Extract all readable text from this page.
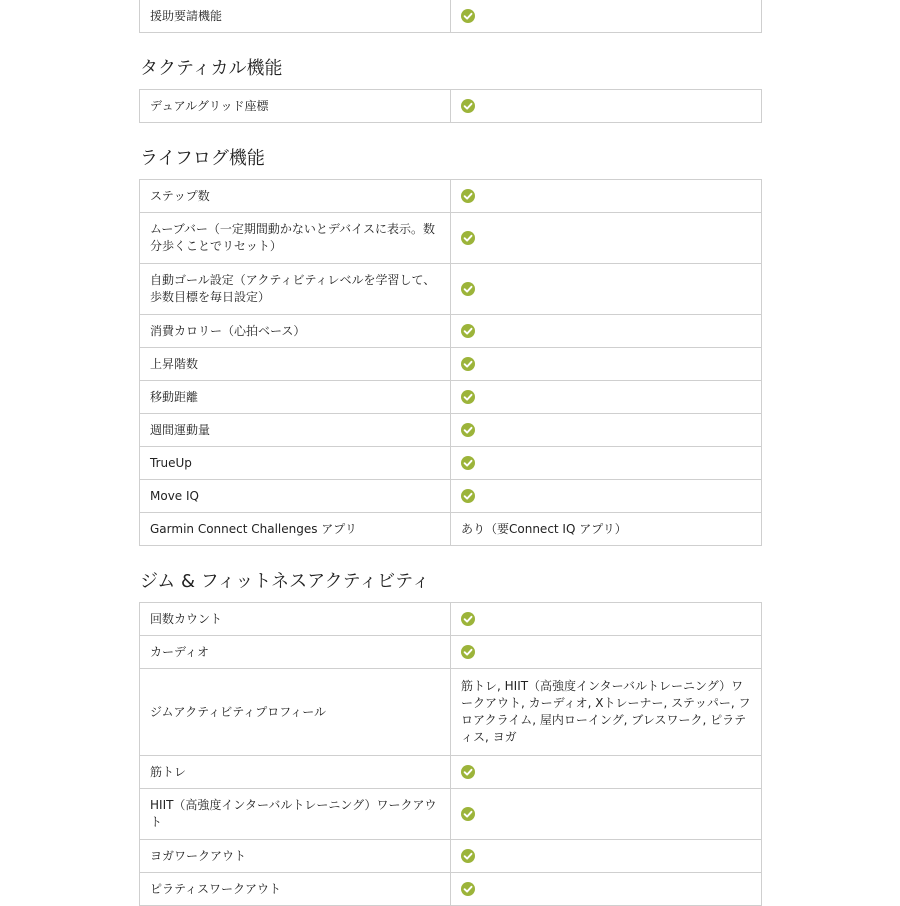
援助要請機能	
タクティカル機能
デュアルグリッド座標	
ライフログ機能
ステップ数	
ムーブバー（一定期間動かないとデバイスに表示。数分歩くことでリセット）	
自動ゴール設定（アクティビティレベルを学習して、歩数目標を毎日設定）	
消費カロリー（心拍ベース）	
上昇階数	
移動距離	
週間運動量	
TrueUp	
Move IQ	
Garmin Connect Challenges アプリ	あり（要Connect IQ アプリ）
ジム & フィットネスアクティビティ
回数カウント	
カーディオ	
ジムアクティビティプロフィール	筋トレ, HIIT（高強度インターバルトレーニング）ワークアウト, カーディオ, Xトレーナー, ステッパー, フロアクライム, 屋内ローイング, ブレスワーク, ピラティス, ヨガ

筋トレ	
HIIT（高強度インターバルトレーニング）ワークアウト	
ヨガワークアウト	
ピラティスワークアウト	
